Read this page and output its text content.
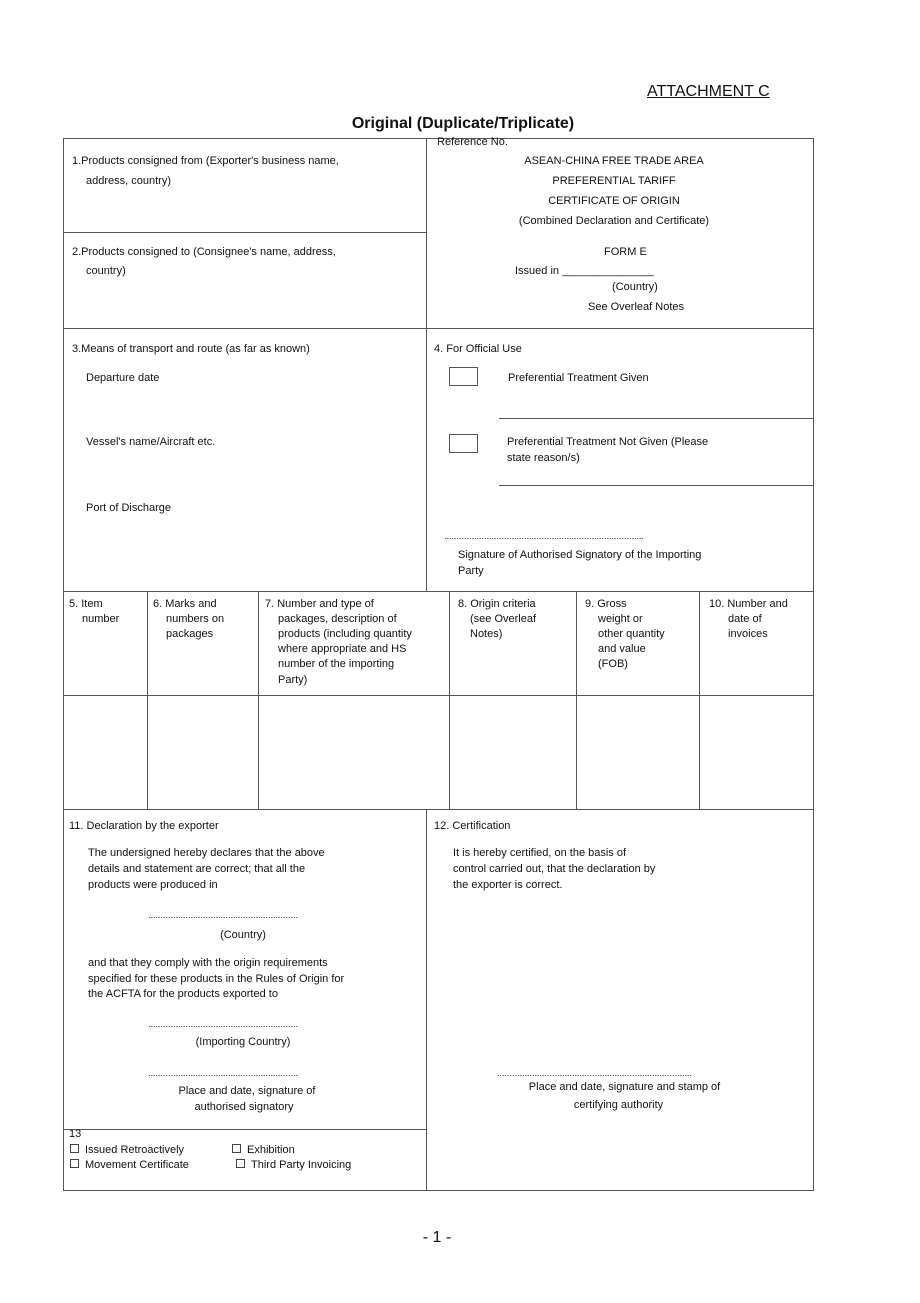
ATTACHMENT C
Original (Duplicate/Triplicate)
1.Products consigned from (Exporter's business name,
address, country)
2.Products consigned to (Consignee's name, address,
country)
Reference No.
ASEAN-CHINA FREE TRADE AREA
PREFERENTIAL TARIFF
CERTIFICATE OF ORIGIN
(Combined Declaration and Certificate)
FORM E
Issued in _______________
(Country)
See Overleaf Notes
3.Means of transport and route (as far as known)
Departure date
Vessel's name/Aircraft etc.
Port of Discharge
4. For Official Use
Preferential Treatment Given
Preferential Treatment Not Given (Please
state reason/s)
................................................................................
Signature of Authorised Signatory of the Importing
Party
5. Item
number
6. Marks and
numbers on
packages
7. Number and type of
packages, description of
products (including quantity
where appropriate and HS
number of the importing
Party)
8. Origin criteria
(see Overleaf
Notes)
9. Gross
weight or
other quantity
and value
(FOB)
10. Number and
date of
invoices
11. Declaration by the exporter
The undersigned hereby declares that the above
details and statement are correct; that all the
products were produced in
............................................................
(Country)
and that they comply with the origin requirements
specified for these products in the Rules of Origin for
the ACFTA for the products exported to
............................................................
(Importing Country)
............................................................
Place and date, signature of
authorised signatory
12. Certification
It is hereby certified, on the basis of
control carried out, that the declaration by
the exporter is correct.
..............................................................................
Place and date, signature and stamp of
certifying authority
13
Issued Retroactively	Exhibition
Movement Certificate	Third Party Invoicing
- 1 -
